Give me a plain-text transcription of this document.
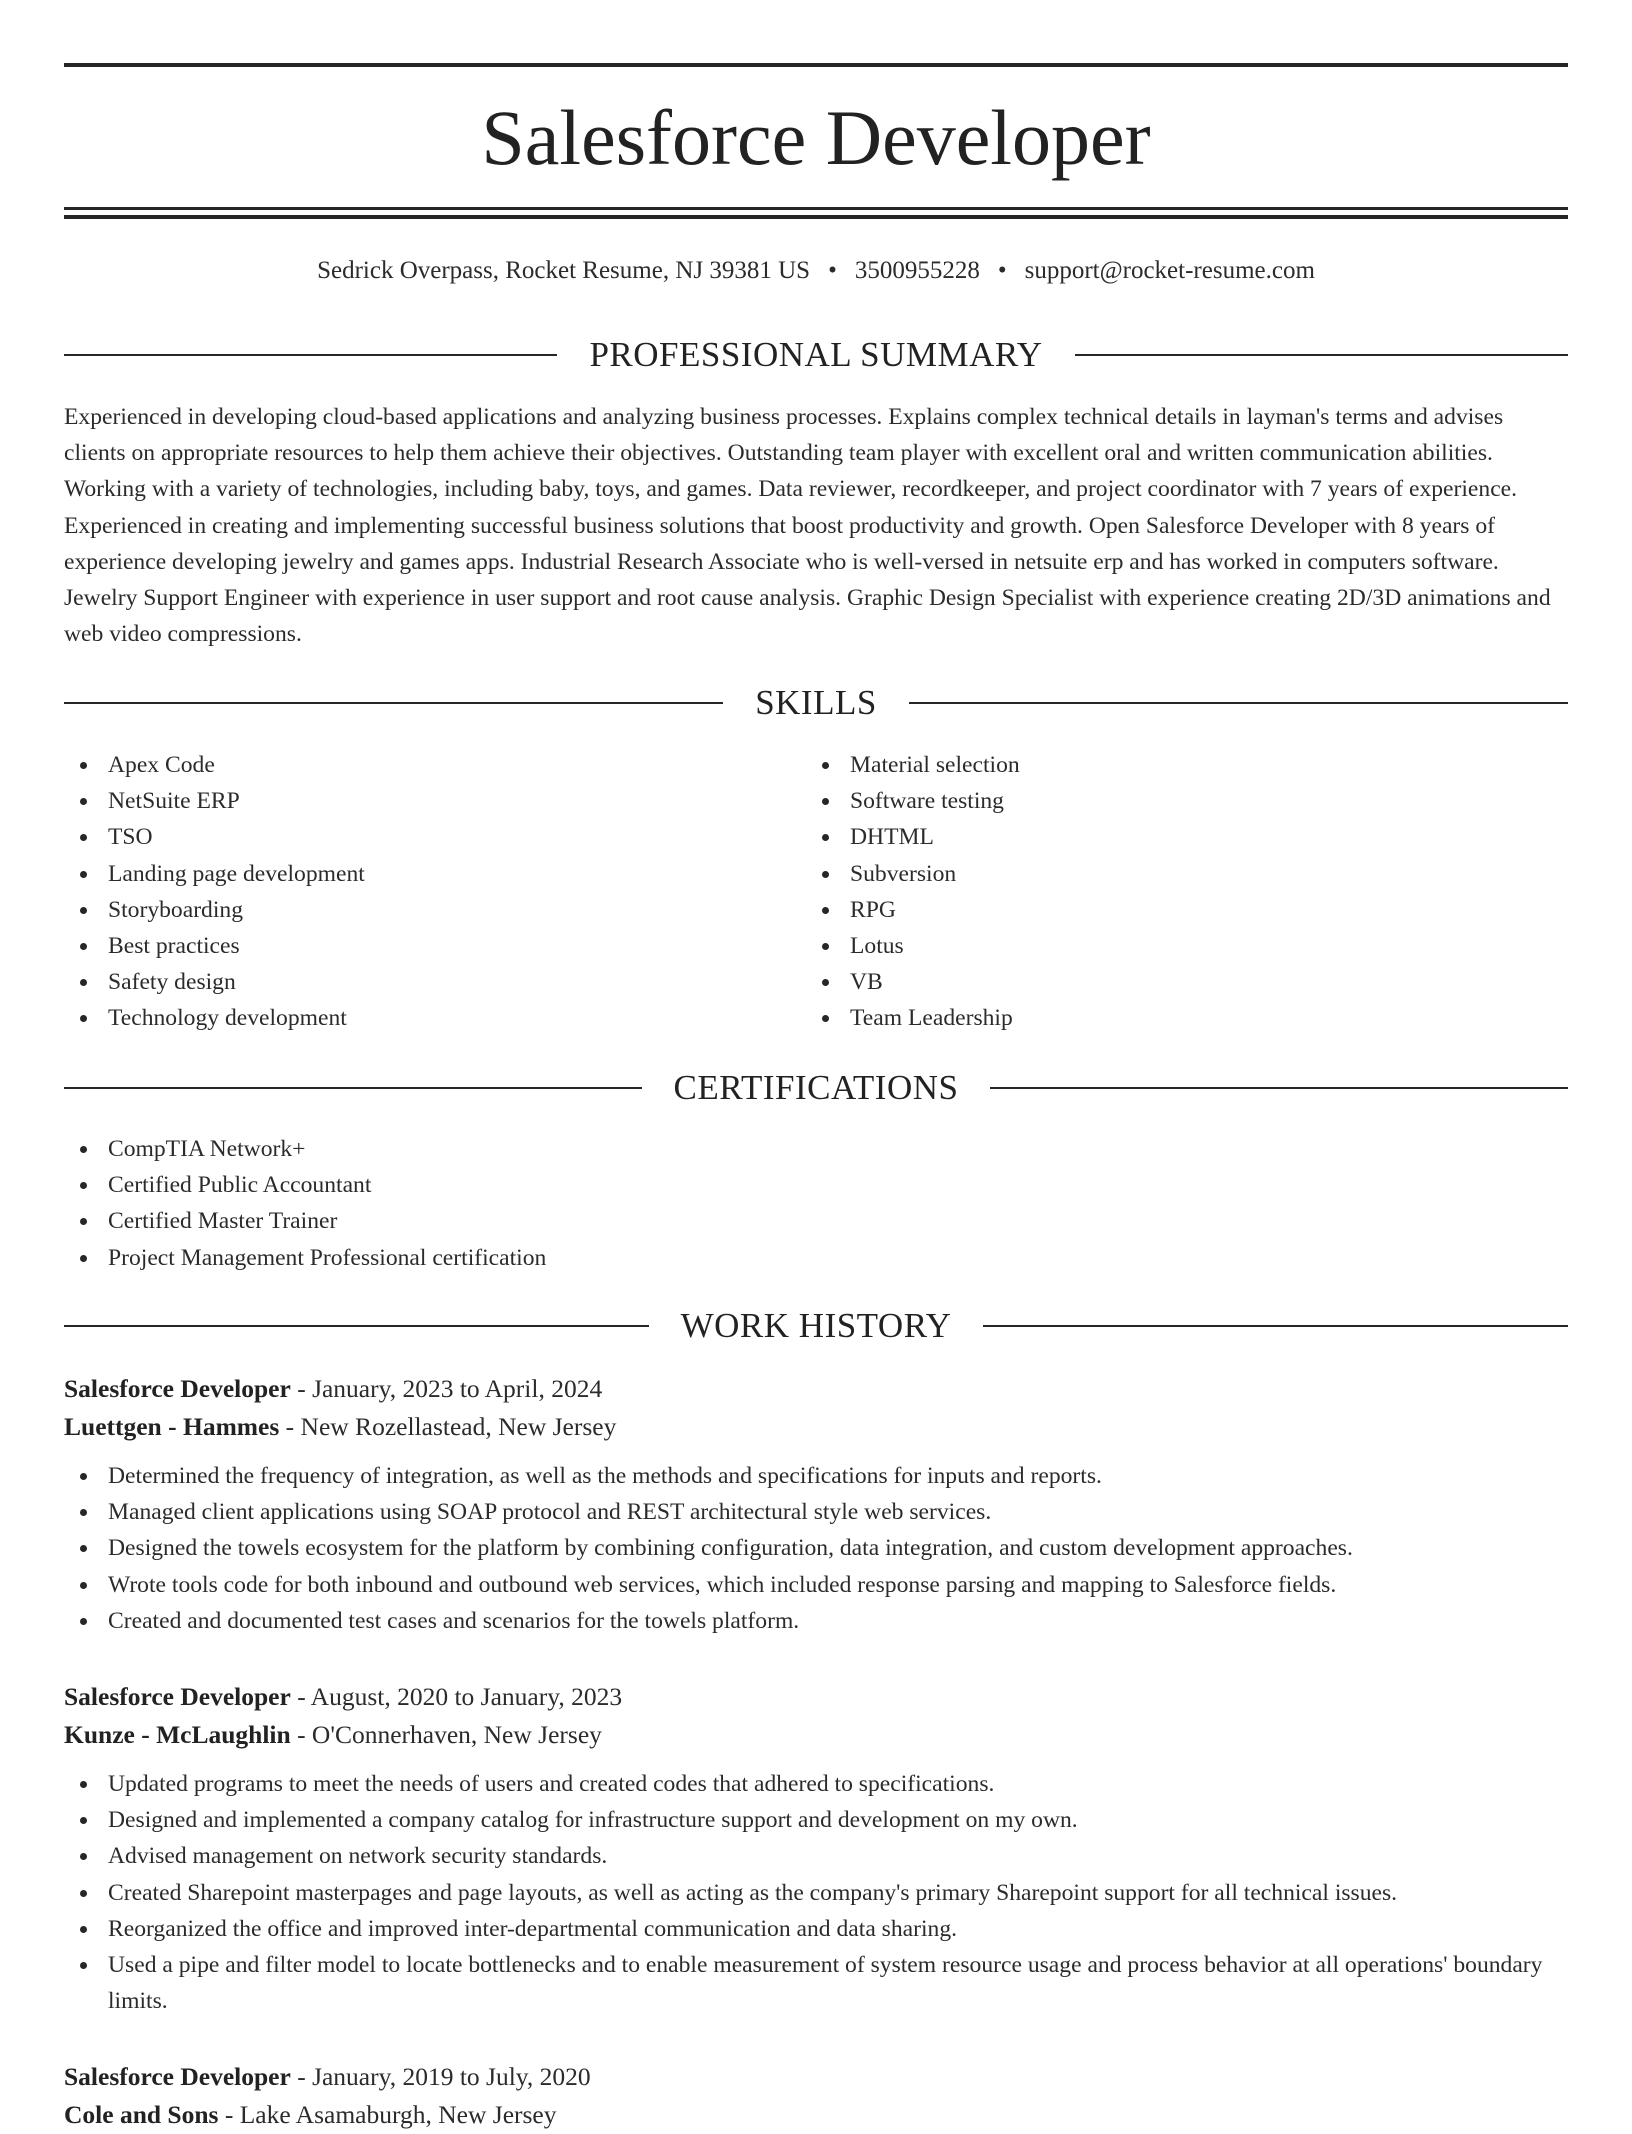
Salesforce Developer
Sedrick Overpass, Rocket Resume, NJ 39381 US • 3500955228 • support@rocket-resume.com
PROFESSIONAL SUMMARY

Experienced in developing cloud-based applications and analyzing business processes. Explains complex technical details in layman's terms and advises clients on appropriate resources to help them achieve their objectives. Outstanding team player with excellent oral and written communication abilities. Working with a variety of technologies, including baby, toys, and games. Data reviewer, recordkeeper, and project coordinator with 7 years of experience. Experienced in creating and implementing successful business solutions that boost productivity and growth. Open Salesforce Developer with 8 years of experience developing jewelry and games apps. Industrial Research Associate who is well-versed in netsuite erp and has worked in computers software. Jewelry Support Engineer with experience in user support and root cause analysis. Graphic Design Specialist with experience creating 2D/3D animations and web video compressions.

SKILLS
Apex Code
NetSuite ERP
TSO
Landing page development
Storyboarding
Best practices
Safety design
Technology development
Material selection
Software testing
DHTML
Subversion
RPG
Lotus
VB
Team Leadership
CERTIFICATIONS
CompTIA Network+
Certified Public Accountant
Certified Master Trainer
Project Management Professional certification
WORK HISTORY
Salesforce Developer - January, 2023 to April, 2024
Luettgen - Hammes - New Rozellastead, New Jersey
Determined the frequency of integration, as well as the methods and specifications for inputs and reports.
Managed client applications using SOAP protocol and REST architectural style web services.
Designed the towels ecosystem for the platform by combining configuration, data integration, and custom development approaches.
Wrote tools code for both inbound and outbound web services, which included response parsing and mapping to Salesforce fields.
Created and documented test cases and scenarios for the towels platform.
Salesforce Developer - August, 2020 to January, 2023
Kunze - McLaughlin - O'Connerhaven, New Jersey
Updated programs to meet the needs of users and created codes that adhered to specifications.
Designed and implemented a company catalog for infrastructure support and development on my own.
Advised management on network security standards.
Created Sharepoint masterpages and page layouts, as well as acting as the company's primary Sharepoint support for all technical issues.
Reorganized the office and improved inter-departmental communication and data sharing.
Used a pipe and filter model to locate bottlenecks and to enable measurement of system resource usage and process behavior at all operations' boundary limits.
Salesforce Developer - January, 2019 to July, 2020
Cole and Sons - Lake Asamaburgh, New Jersey
